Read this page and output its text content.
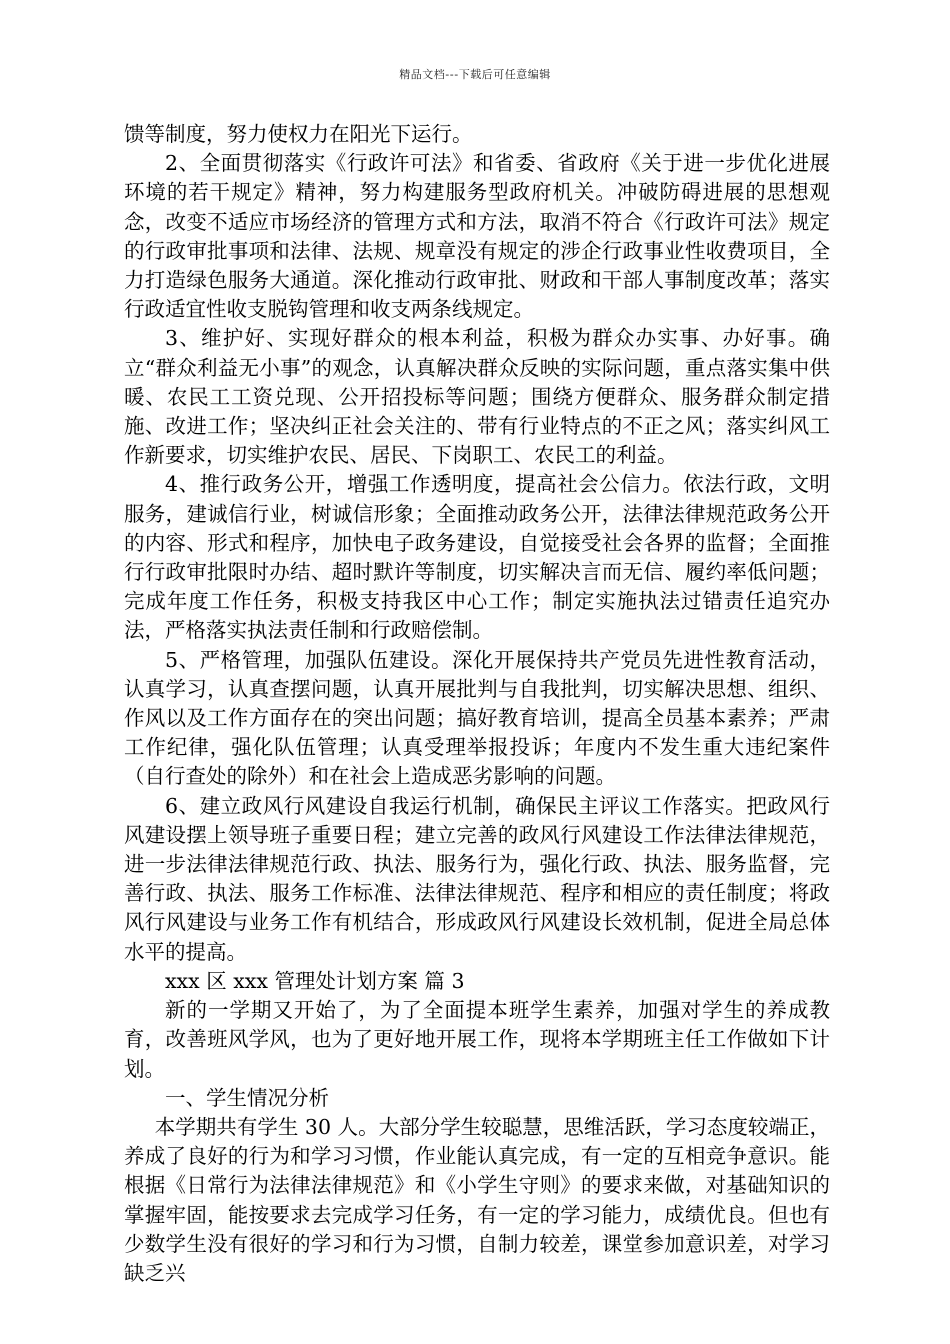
精品文档---下载后可任意编辑

馈等制度，努力使权力在阳光下运行。

2、全面贯彻落实《行政许可法》和省委、省政府《关于进一步优化进展环境的若干规定》精神，努力构建服务型政府机关。冲破防碍进展的思想观念，改变不适应市场经济的管理方式和方法，取消不符合《行政许可法》规定的行政审批事项和法律、法规、规章没有规定的涉企行政事业性收费项目，全力打造绿色服务大通道。深化推动行政审批、财政和干部人事制度改革；落实行政适宜性收支脱钩管理和收支两条线规定。

3、维护好、实现好群众的根本利益，积极为群众办实事、办好事。确立“群众利益无小事”的观念，认真解决群众反映的实际问题，重点落实集中供暖、农民工工资兑现、公开招投标等问题；围绕方便群众、服务群众制定措施、改进工作；坚决纠正社会关注的、带有行业特点的不正之风；落实纠风工作新要求，切实维护农民、居民、下岗职工、农民工的利益。

4、推行政务公开，增强工作透明度，提高社会公信力。依法行政，文明服务，建诚信行业，树诚信形象；全面推动政务公开，法律法律规范政务公开的内容、形式和程序，加快电子政务建设，自觉接受社会各界的监督；全面推行行政审批限时办结、超时默许等制度，切实解决言而无信、履约率低问题；完成年度工作任务，积极支持我区中心工作；制定实施执法过错责任追究办法，严格落实执法责任制和行政赔偿制。

5、严格管理，加强队伍建设。深化开展保持共产党员先进性教育活动，认真学习，认真查摆问题，认真开展批判与自我批判，切实解决思想、组织、作风以及工作方面存在的突出问题；搞好教育培训，提高全员基本素养；严肃工作纪律，强化队伍管理；认真受理举报投诉；年度内不发生重大违纪案件（自行查处的除外）和在社会上造成恶劣影响的问题。

6、建立政风行风建设自我运行机制，确保民主评议工作落实。把政风行风建设摆上领导班子重要日程；建立完善的政风行风建设工作法律法律规范，进一步法律法律规范行政、执法、服务行为，强化行政、执法、服务监督，完善行政、执法、服务工作标准、法律法律规范、程序和相应的责任制度；将政风行风建设与业务工作有机结合，形成政风行风建设长效机制，促进全局总体水平的提高。

xxx 区 xxx 管理处计划方案 篇 3

新的一学期又开始了，为了全面提本班学生素养，加强对学生的养成教育，改善班风学风，也为了更好地开展工作，现将本学期班主任工作做如下计划。

一、学生情况分析

本学期共有学生 30 人。大部分学生较聪慧，思维活跃，学习态度较端正，养成了良好的行为和学习习惯，作业能认真完成，有一定的互相竞争意识。能根据《日常行为法律法律规范》和《小学生守则》的要求来做，对基础知识的掌握牢固，能按要求去完成学习任务，有一定的学习能力，成绩优良。但也有少数学生没有很好的学习和行为习惯，自制力较差，课堂参加意识差，对学习缺乏兴
